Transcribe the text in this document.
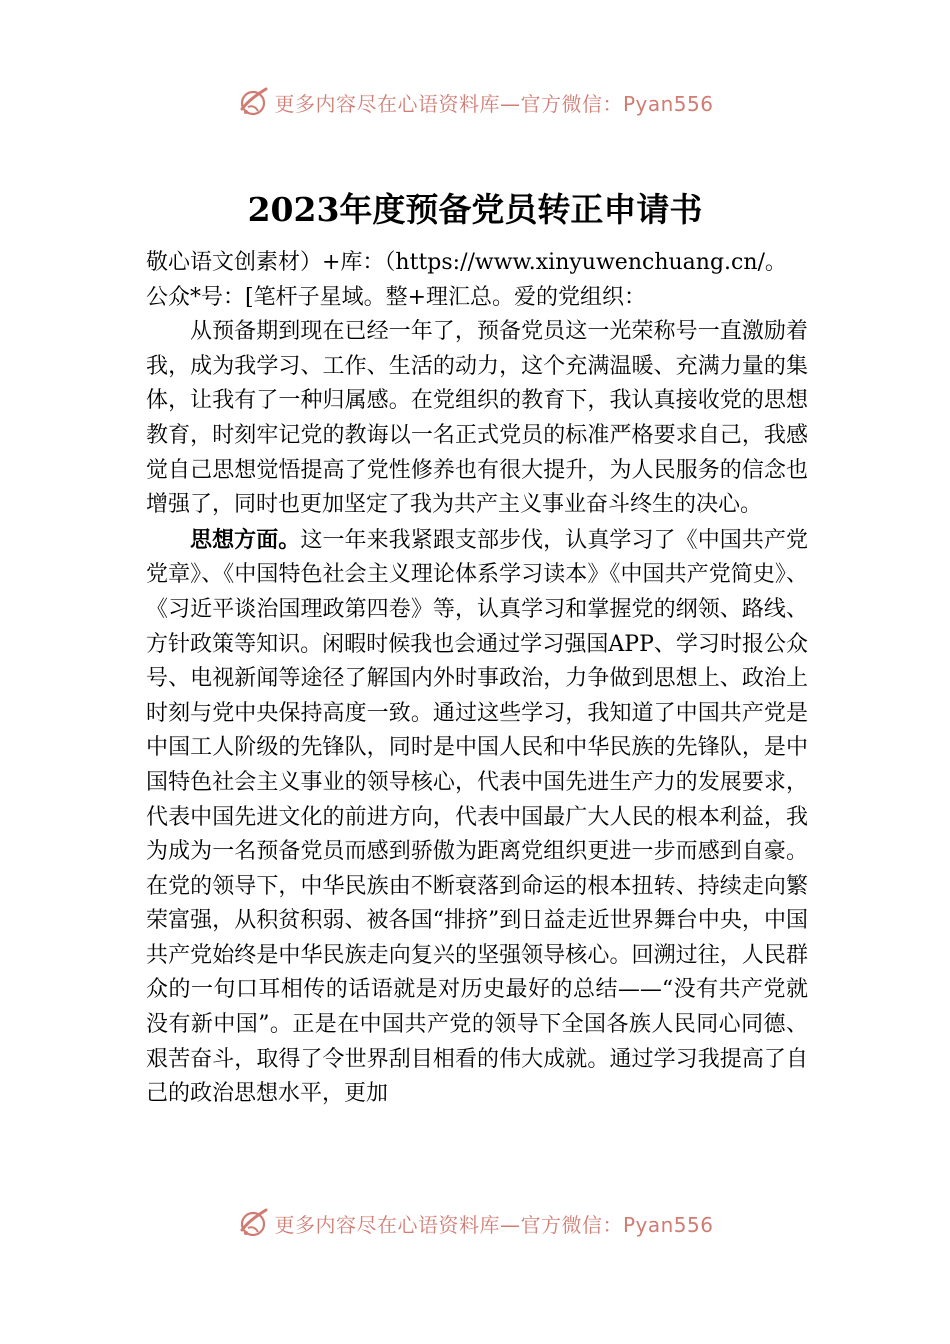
更多内容尽在心语资料库—官方微信：Pyan556
2023年度预备党员转正申请书

敬心语文创素材）+库：（https://www.xinyuwenchuang.cn/。

公众*号：[笔杆子星域。整+理汇总。爱的党组织：

从预备期到现在已经一年了，预备党员这一光荣称号一直激励着我，成为我学习、工作、生活的动力，这个充满温暖、充满力量的集体，让我有了一种归属感。在党组织的教育下，我认真接收党的思想教育，时刻牢记党的教诲以一名正式党员的标准严格要求自己，我感觉自己思想觉悟提高了党性修养也有很大提升，为人民服务的信念也增强了，同时也更加坚定了我为共产主义事业奋斗终生的决心。

思想方面。这一年来我紧跟支部步伐，认真学习了《中国共产党党章》、《中国特色社会主义理论体系学习读本》《中国共产党简史》、《习近平谈治国理政第四卷》等，认真学习和掌握党的纲领、路线、方针政策等知识。闲暇时候我也会通过学习强国APP、学习时报公众号、电视新闻等途径了解国内外时事政治，力争做到思想上、政治上时刻与党中央保持高度一致。通过这些学习，我知道了中国共产党是中国工人阶级的先锋队，同时是中国人民和中华民族的先锋队，是中国特色社会主义事业的领导核心，代表中国先进生产力的发展要求，代表中国先进文化的前进方向，代表中国最广大人民的根本利益，我为成为一名预备党员而感到骄傲为距离党组织更进一步而感到自豪。在党的领导下，中华民族由不断衰落到命运的根本扭转、持续走向繁荣富强，从积贫积弱、被各国“排挤”到日益走近世界舞台中央，中国共产党始终是中华民族走向复兴的坚强领导核心。回溯过往，人民群众的一句口耳相传的话语就是对历史最好的总结——“没有共产党就没有新中国”。正是在中国共产党的领导下全国各族人民同心同德、艰苦奋斗，取得了令世界刮目相看的伟大成就。通过学习我提高了自己的政治思想水平，更加

更多内容尽在心语资料库—官方微信：Pyan556
